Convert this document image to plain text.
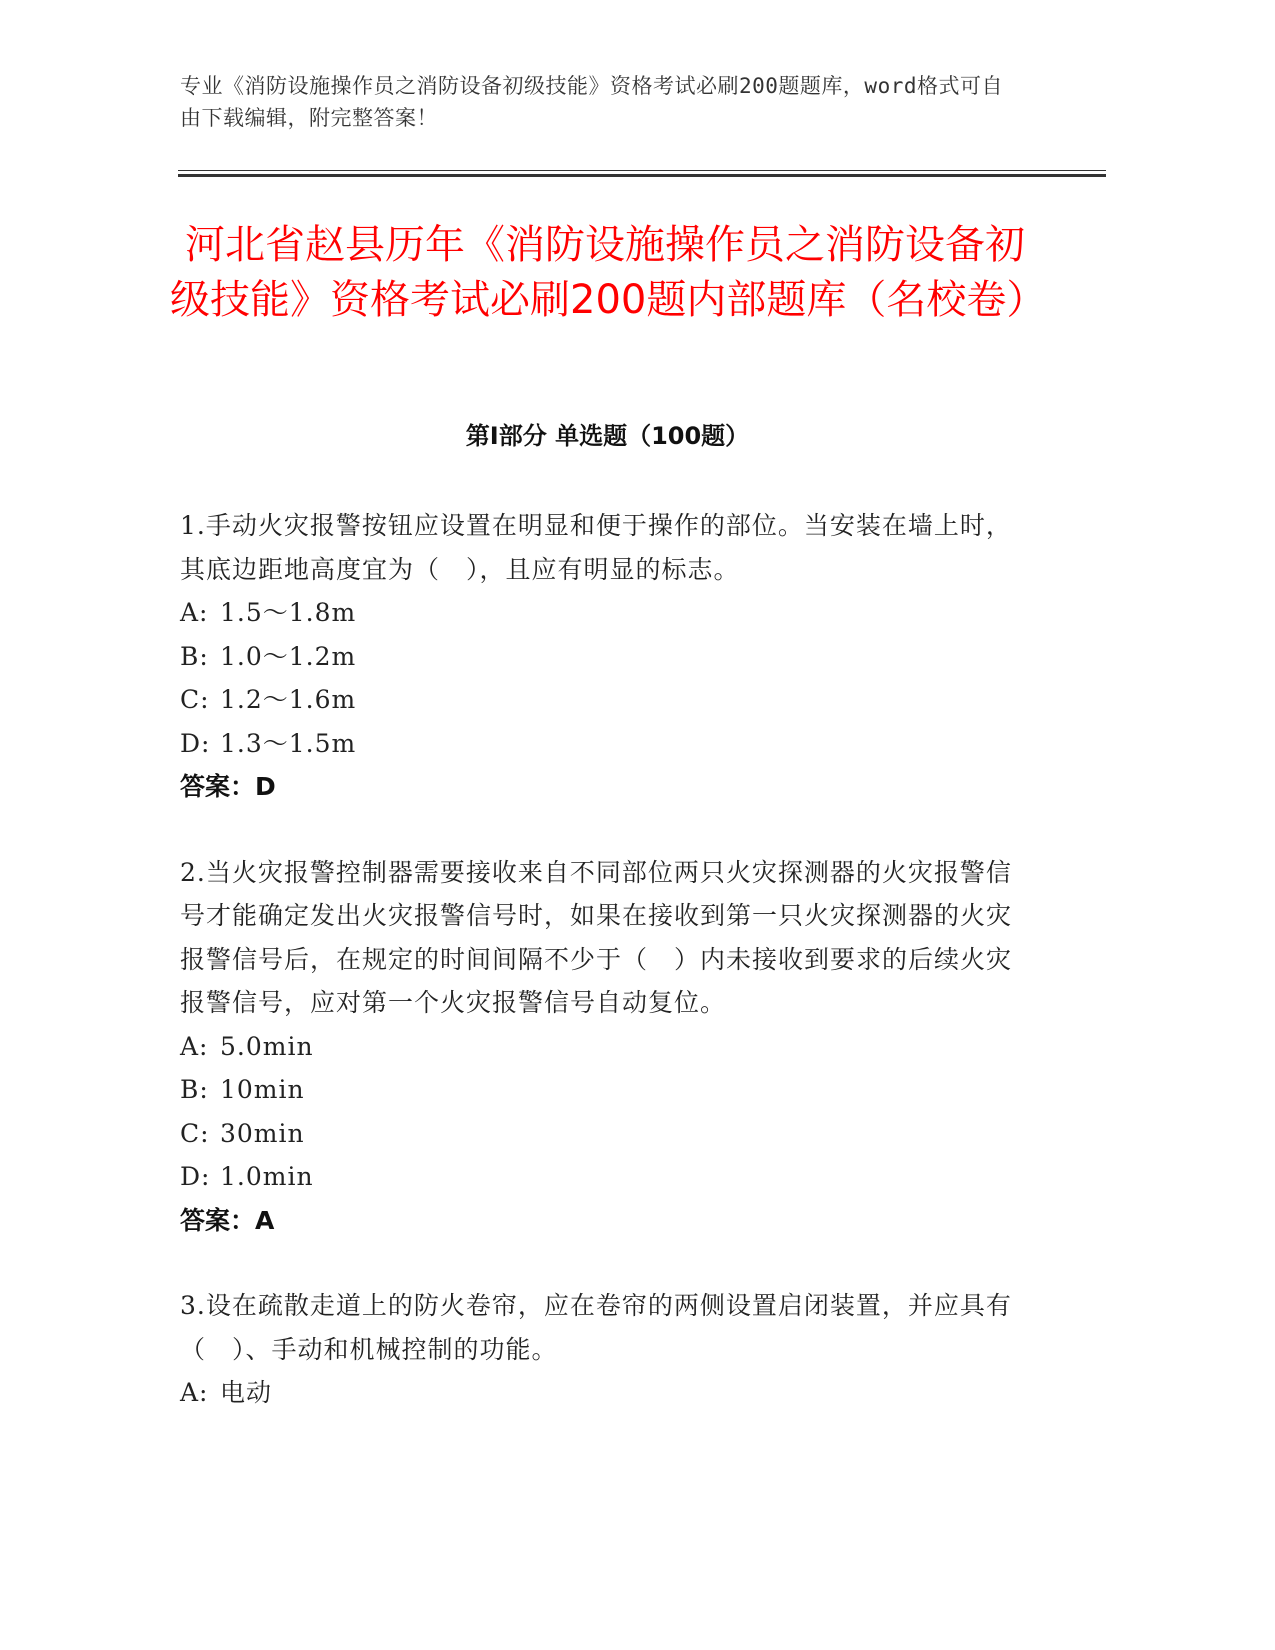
专业《消防设施操作员之消防设备初级技能》资格考试必刷200题题库，word格式可自由下载编辑，附完整答案！
河北省赵县历年《消防设施操作员之消防设备初级技能》资格考试必刷200题内部题库（名校卷）
第I部分 单选题（100题）

1.手动火灾报警按钮应设置在明显和便于操作的部位。当安装在墙上时，其底边距地高度宜为（　），且应有明显的标志。

A: 1.5～1.8m

B: 1.0～1.2m

C: 1.2～1.6m

D: 1.3～1.5m

答案：D

2.当火灾报警控制器需要接收来自不同部位两只火灾探测器的火灾报警信号才能确定发出火灾报警信号时，如果在接收到第一只火灾探测器的火灾报警信号后，在规定的时间间隔不少于（　）内未接收到要求的后续火灾报警信号，应对第一个火灾报警信号自动复位。

A: 5.0min

B: 10min

C: 30min

D: 1.0min

答案：A

3.设在疏散走道上的防火卷帘，应在卷帘的两侧设置启闭装置，并应具有（　）、手动和机械控制的功能。

A: 电动
